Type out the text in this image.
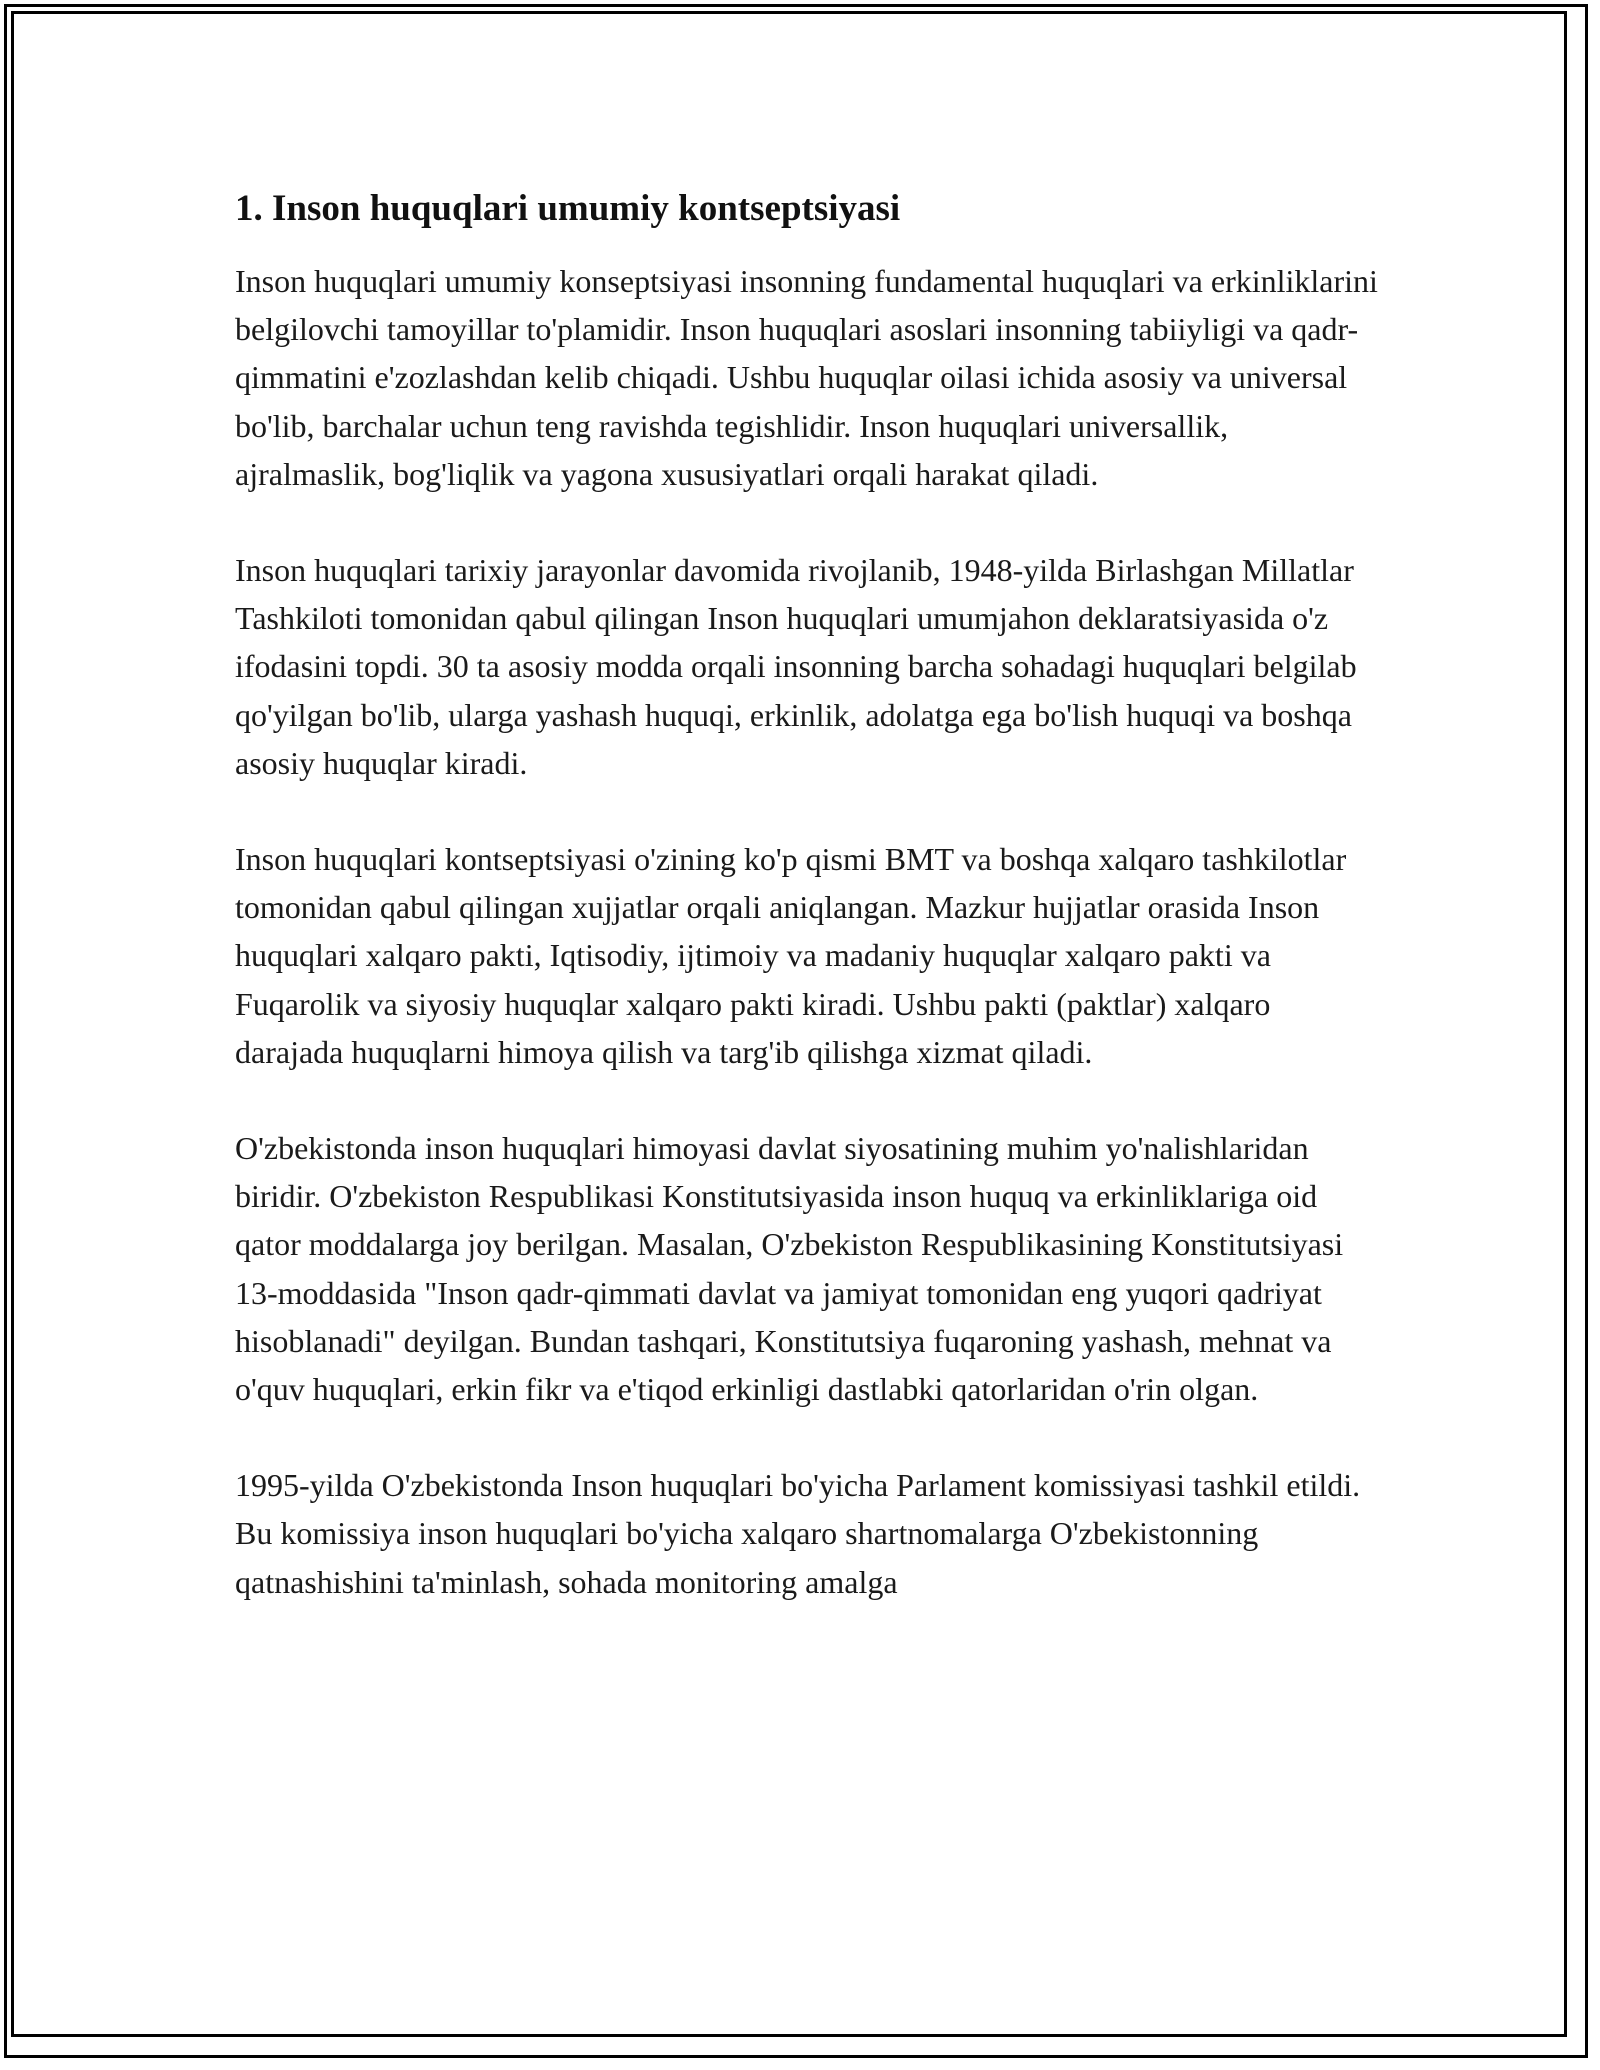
1. Inson huquqlari umumiy kontseptsiyasi

Inson huquqlari umumiy konseptsiyasi insonning fundamental huquqlari va erkinliklarini belgilovchi tamoyillar to'plamidir. Inson huquqlari asoslari insonning tabiiyligi va qadr-qimmatini e'zozlashdan kelib chiqadi. Ushbu huquqlar oilasi ichida asosiy va universal bo'lib, barchalar uchun teng ravishda tegishlidir. Inson huquqlari universallik, ajralmaslik, bog'liqlik va yagona xususiyatlari orqali harakat qiladi.

Inson huquqlari tarixiy jarayonlar davomida rivojlanib, 1948-yilda Birlashgan Millatlar Tashkiloti tomonidan qabul qilingan Inson huquqlari umumjahon deklaratsiyasida o'z ifodasini topdi. 30 ta asosiy modda orqali insonning barcha sohadagi huquqlari belgilab qo'yilgan bo'lib, ularga yashash huquqi, erkinlik, adolatga ega bo'lish huquqi va boshqa asosiy huquqlar kiradi.

Inson huquqlari kontseptsiyasi o'zining ko'p qismi BMT va boshqa xalqaro tashkilotlar tomonidan qabul qilingan xujjatlar orqali aniqlangan. Mazkur hujjatlar orasida Inson huquqlari xalqaro pakti, Iqtisodiy, ijtimoiy va madaniy huquqlar xalqaro pakti va Fuqarolik va siyosiy huquqlar xalqaro pakti kiradi. Ushbu pakti (paktlar) xalqaro darajada huquqlarni himoya qilish va targ'ib qilishga xizmat qiladi.

O'zbekistonda inson huquqlari himoyasi davlat siyosatining muhim yo'nalishlaridan biridir. O'zbekiston Respublikasi Konstitutsiyasida inson huquq va erkinliklariga oid qator moddalarga joy berilgan. Masalan, O'zbekiston Respublikasining Konstitutsiyasi 13-moddasida "Inson qadr-qimmati davlat va jamiyat tomonidan eng yuqori qadriyat hisoblanadi" deyilgan. Bundan tashqari, Konstitutsiya fuqaroning yashash, mehnat va o'quv huquqlari, erkin fikr va e'tiqod erkinligi dastlabki qatorlaridan o'rin olgan.

1995-yilda O'zbekistonda Inson huquqlari bo'yicha Parlament komissiyasi tashkil etildi. Bu komissiya inson huquqlari bo'yicha xalqaro shartnomalarga O'zbekistonning qatnashishini ta'minlash, sohada monitoring amalga
